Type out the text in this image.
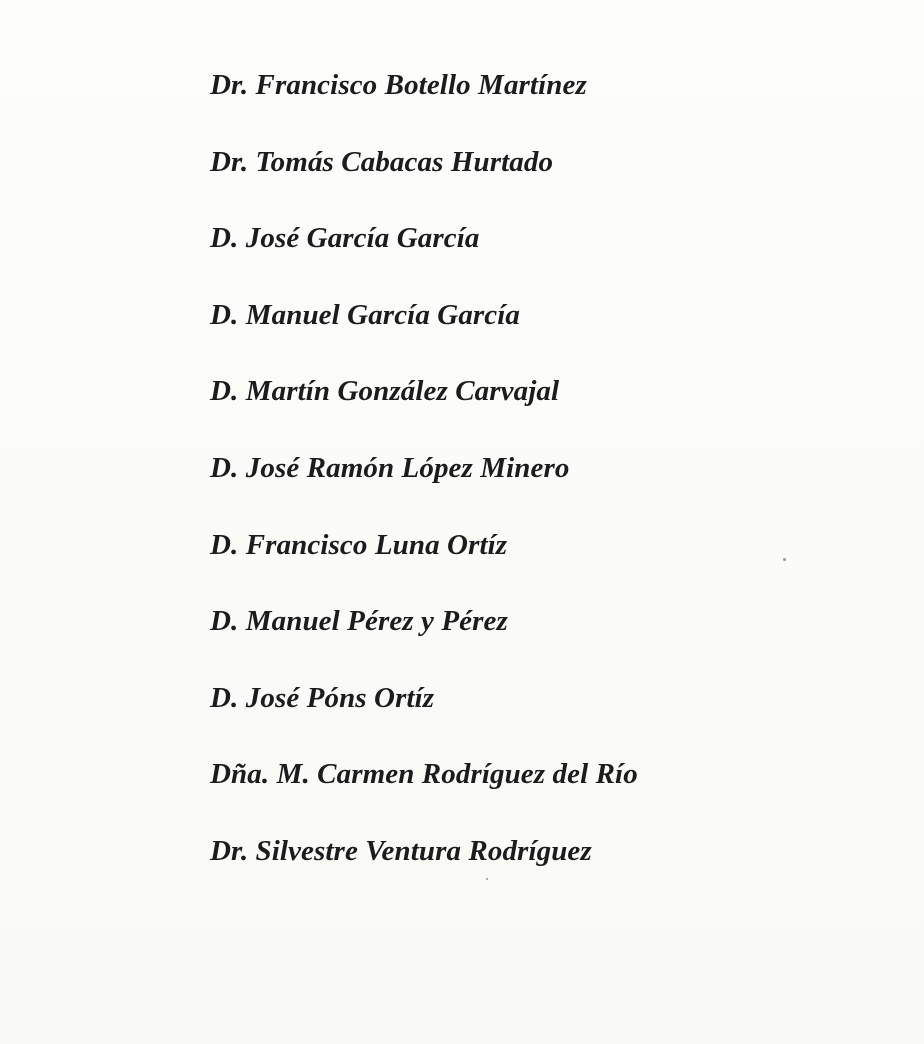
Dr. Francisco Botello Martínez
Dr. Tomás Cabacas Hurtado
D. José García García
D. Manuel García García
D. Martín González Carvajal
D. José Ramón López Minero
D. Francisco Luna Ortíz
D. Manuel Pérez y Pérez
D. José Póns Ortíz
Dña. M. Carmen Rodríguez del Río
Dr. Silvestre Ventura Rodríguez
